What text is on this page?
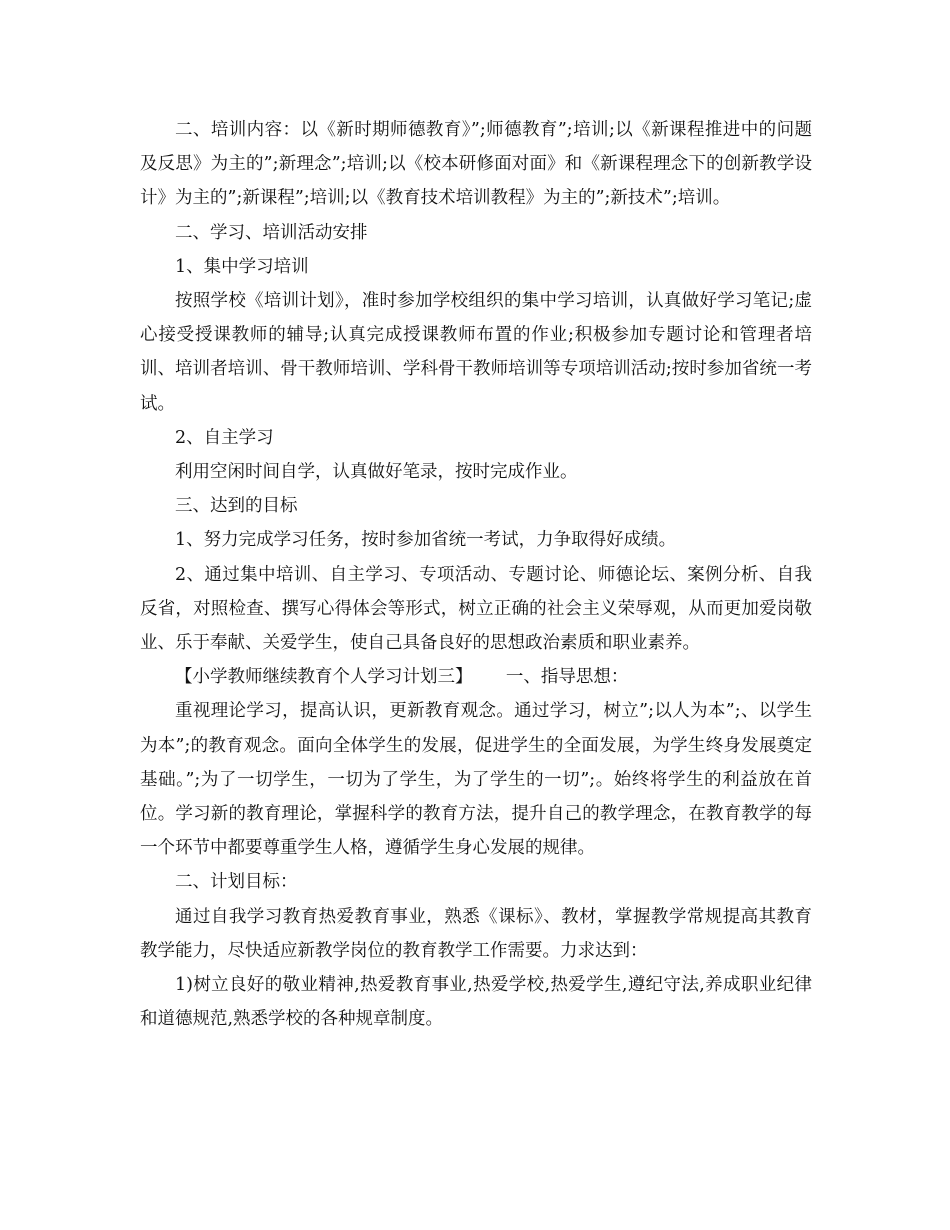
二、培训内容：以《新时期师德教育》”;师德教育”;培训;以《新课程推进中的问题及反思》为主的”;新理念”;培训;以《校本研修面对面》和《新课程理念下的创新教学设计》为主的”;新课程”;培训;以《教育技术培训教程》为主的”;新技术”;培训。

二、学习、培训活动安排

1、集中学习培训

按照学校《培训计划》，准时参加学校组织的集中学习培训，认真做好学习笔记;虚心接受授课教师的辅导;认真完成授课教师布置的作业;积极参加专题讨论和管理者培训、培训者培训、骨干教师培训、学科骨干教师培训等专项培训活动;按时参加省统一考试。

2、自主学习

利用空闲时间自学，认真做好笔录，按时完成作业。

三、达到的目标

1、努力完成学习任务，按时参加省统一考试，力争取得好成绩。

2、通过集中培训、自主学习、专项活动、专题讨论、师德论坛、案例分析、自我反省，对照检查、撰写心得体会等形式，树立正确的社会主义荣辱观，从而更加爱岗敬业、乐于奉献、关爱学生，使自己具备良好的思想政治素质和职业素养。

【小学教师继续教育个人学习计划三】      一、指导思想：

重视理论学习，提高认识，更新教育观念。通过学习，树立”;以人为本”;、以学生为本”;的教育观念。面向全体学生的发展，促进学生的全面发展，为学生终身发展奠定基础。”;为了一切学生，一切为了学生，为了学生的一切”;。始终将学生的利益放在首位。学习新的教育理论，掌握科学的教育方法，提升自己的教学理念，在教育教学的每一个环节中都要尊重学生人格，遵循学生身心发展的规律。

二、计划目标：

通过自我学习教育热爱教育事业，熟悉《课标》、教材，掌握教学常规提高其教育教学能力，尽快适应新教学岗位的教育教学工作需要。力求达到：

1)树立良好的敬业精神,热爱教育事业,热爱学校,热爱学生,遵纪守法,养成职业纪律和道德规范,熟悉学校的各种规章制度。
